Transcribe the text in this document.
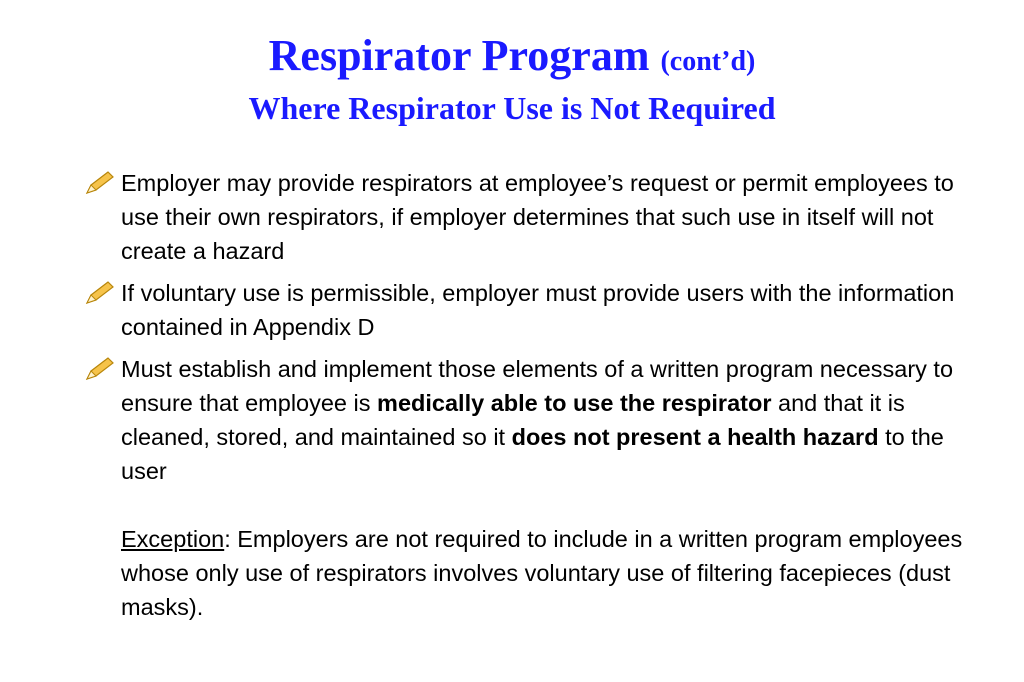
Respirator Program (cont’d)
Where Respirator Use is Not Required
Employer may provide respirators at employee’s request or permit employees to use their own respirators, if employer determines that such use in itself will not create a hazard
If voluntary use is permissible, employer must provide users with the information contained in Appendix D
Must establish and implement those elements of a written program necessary to ensure that employee is medically able to use the respirator and that it is cleaned, stored, and maintained so it does not present a health hazard to the user
Exception: Employers are not required to include in a written program employees whose only use of respirators involves voluntary use of filtering facepieces (dust masks).
